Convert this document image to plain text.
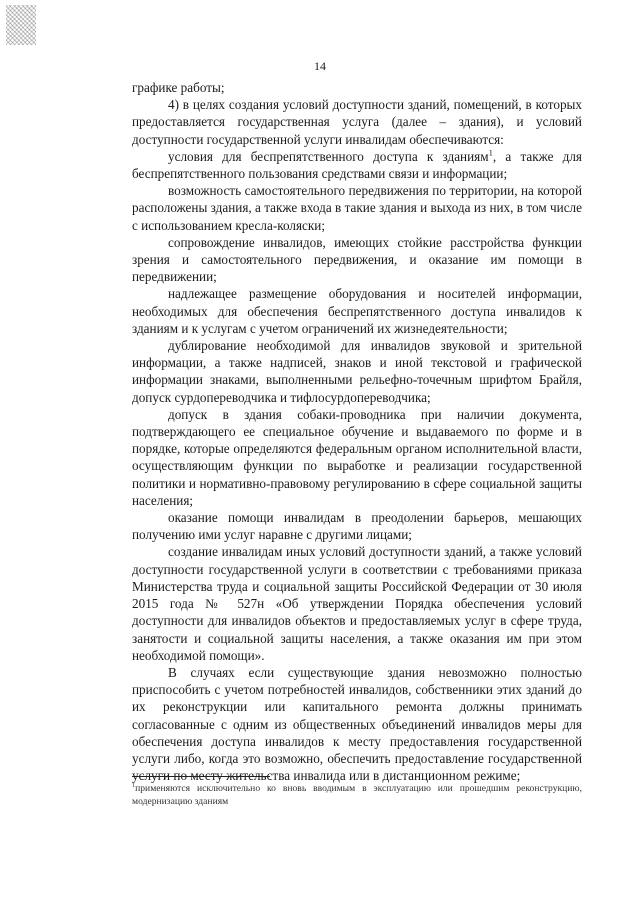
14

графике работы;

4) в целях создания условий доступности зданий, помещений, в которых предоставляется государственная услуга (далее – здания), и условий доступности государственной услуги инвалидам обеспечиваются:

условия для беспрепятственного доступа к зданиям$^1$, а также для беспрепятственного пользования средствами связи и информации;

возможность самостоятельного передвижения по территории, на которой расположены здания, а также входа в такие здания и выхода из них, в том числе с использованием кресла-коляски;

сопровождение инвалидов, имеющих стойкие расстройства функции зрения и самостоятельного передвижения, и оказание им помощи в передвижении;

надлежащее размещение оборудования и носителей информации, необходимых для обеспечения беспрепятственного доступа инвалидов к зданиям и к услугам с учетом ограничений их жизнедеятельности;

дублирование необходимой для инвалидов звуковой и зрительной информации, а также надписей, знаков и иной текстовой и графической информации знаками, выполненными рельефно-точечным шрифтом Брайля, допуск сурдопереводчика и тифлосурдопереводчика;

допуск в здания собаки-проводника при наличии документа, подтверждающего ее специальное обучение и выдаваемого по форме и в порядке, которые определяются федеральным органом исполнительной власти, осуществляющим функции по выработке и реализации государственной политики и нормативно-правовому регулированию в сфере социальной защиты населения;

оказание помощи инвалидам в преодолении барьеров, мешающих получению ими услуг наравне с другими лицами;

создание инвалидам иных условий доступности зданий, а также условий доступности государственной услуги в соответствии с требованиями приказа Министерства труда и социальной защиты Российской Федерации от 30 июля 2015 года № 527н «Об утверждении Порядка обеспечения условий доступности для инвалидов объектов и предоставляемых услуг в сфере труда, занятости и социальной защиты населения, а также оказания им при этом необходимой помощи».

В случаях если существующие здания невозможно полностью приспособить с учетом потребностей инвалидов, собственники этих зданий до их реконструкции или капитального ремонта должны принимать согласованные с одним из общественных объединений инвалидов меры для обеспечения доступа инвалидов к месту предоставления государственной услуги либо, когда это возможно, обеспечить предоставление государственной услуги по месту жительства инвалида или в дистанционном режиме;

$^1$применяются исключительно ко вновь вводимым в эксплуатацию или прошедшим реконструкцию, модернизацию зданиям
